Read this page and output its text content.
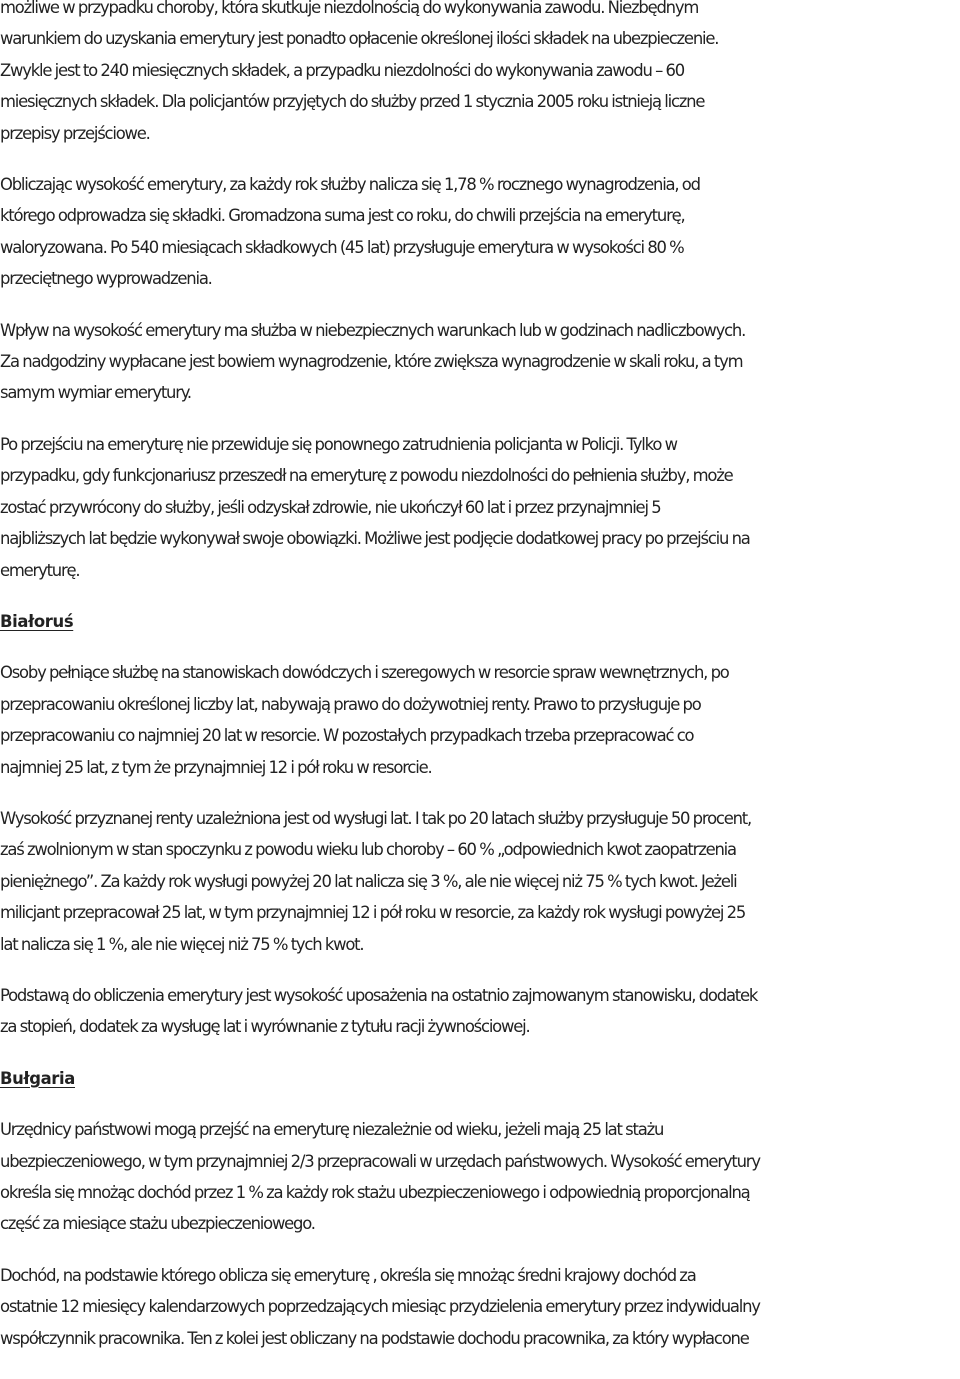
możliwe w przypadku choroby, która skutkuje niezdolnością do wykonywania zawodu. Niezbędnym
warunkiem do uzyskania emerytury jest ponadto opłacenie określonej ilości składek na ubezpieczenie.
Zwykle jest to 240 miesięcznych składek, a przypadku niezdolności do wykonywania zawodu – 60
miesięcznych składek. Dla policjantów przyjętych do służby przed 1 stycznia 2005 roku istnieją liczne
przepisy przejściowe.

Obliczając wysokość emerytury, za każdy rok służby nalicza się 1,78 % rocznego wynagrodzenia, od
którego odprowadza się składki. Gromadzona suma jest co roku, do chwili przejścia na emeryturę,
waloryzowana. Po 540 miesiącach składkowych (45 lat) przysługuje emerytura w wysokości 80 %
przeciętnego wyprowadzenia.

Wpływ na wysokość emerytury ma służba w niebezpiecznych warunkach lub w godzinach nadliczbowych.
Za nadgodziny wypłacane jest bowiem wynagrodzenie, które zwiększa wynagrodzenie w skali roku, a tym
samym wymiar emerytury.

Po przejściu na emeryturę nie przewiduje się ponownego zatrudnienia policjanta w Policji. Tylko w
przypadku, gdy funkcjonariusz przeszedł na emeryturę z powodu niezdolności do pełnienia służby, może
zostać przywrócony do służby, jeśli odzyskał zdrowie, nie ukończył 60 lat i przez przynajmniej 5
najbliższych lat będzie wykonywał swoje obowiązki. Możliwe jest podjęcie dodatkowej pracy po przejściu na
emeryturę.

Białoruś

Osoby pełniące służbę na stanowiskach dowódczych i szeregowych w resorcie spraw wewnętrznych, po
przepracowaniu określonej liczby lat, nabywają prawo do dożywotniej renty. Prawo to przysługuje po
przepracowaniu co najmniej 20 lat w resorcie. W pozostałych przypadkach trzeba przepracować co
najmniej 25 lat, z tym że przynajmniej 12 i pół roku w resorcie.

Wysokość przyznanej renty uzależniona jest od wysługi lat. I tak po 20 latach służby przysługuje 50 procent,
zaś zwolnionym w stan spoczynku z powodu wieku lub choroby – 60 % „odpowiednich kwot zaopatrzenia
pieniężnego”. Za każdy rok wysługi powyżej 20 lat nalicza się 3 %, ale nie więcej niż 75 % tych kwot. Jeżeli
milicjant przepracował 25 lat, w tym przynajmniej 12 i pół roku w resorcie, za każdy rok wysługi powyżej 25
lat nalicza się 1 %, ale nie więcej niż 75 % tych kwot.

Podstawą do obliczenia emerytury jest wysokość uposażenia na ostatnio zajmowanym stanowisku, dodatek
za stopień, dodatek za wysługę lat i wyrównanie z tytułu racji żywnościowej.

Bułgaria

Urzędnicy państwowi mogą przejść na emeryturę niezależnie od wieku, jeżeli mają 25 lat stażu
ubezpieczeniowego, w tym przynajmniej 2/3 przepracowali w urzędach państwowych. Wysokość emerytury
określa się mnożąc dochód przez 1 % za każdy rok stażu ubezpieczeniowego i odpowiednią proporcjonalną
część za miesiące stażu ubezpieczeniowego.

Dochód, na podstawie którego oblicza się emeryturę , określa się mnożąc średni krajowy dochód za
ostatnie 12 miesięcy kalendarzowych poprzedzających miesiąc przydzielenia emerytury przez indywidualny
współczynnik pracownika. Ten z kolei jest obliczany na podstawie dochodu pracownika, za który wypłacone
